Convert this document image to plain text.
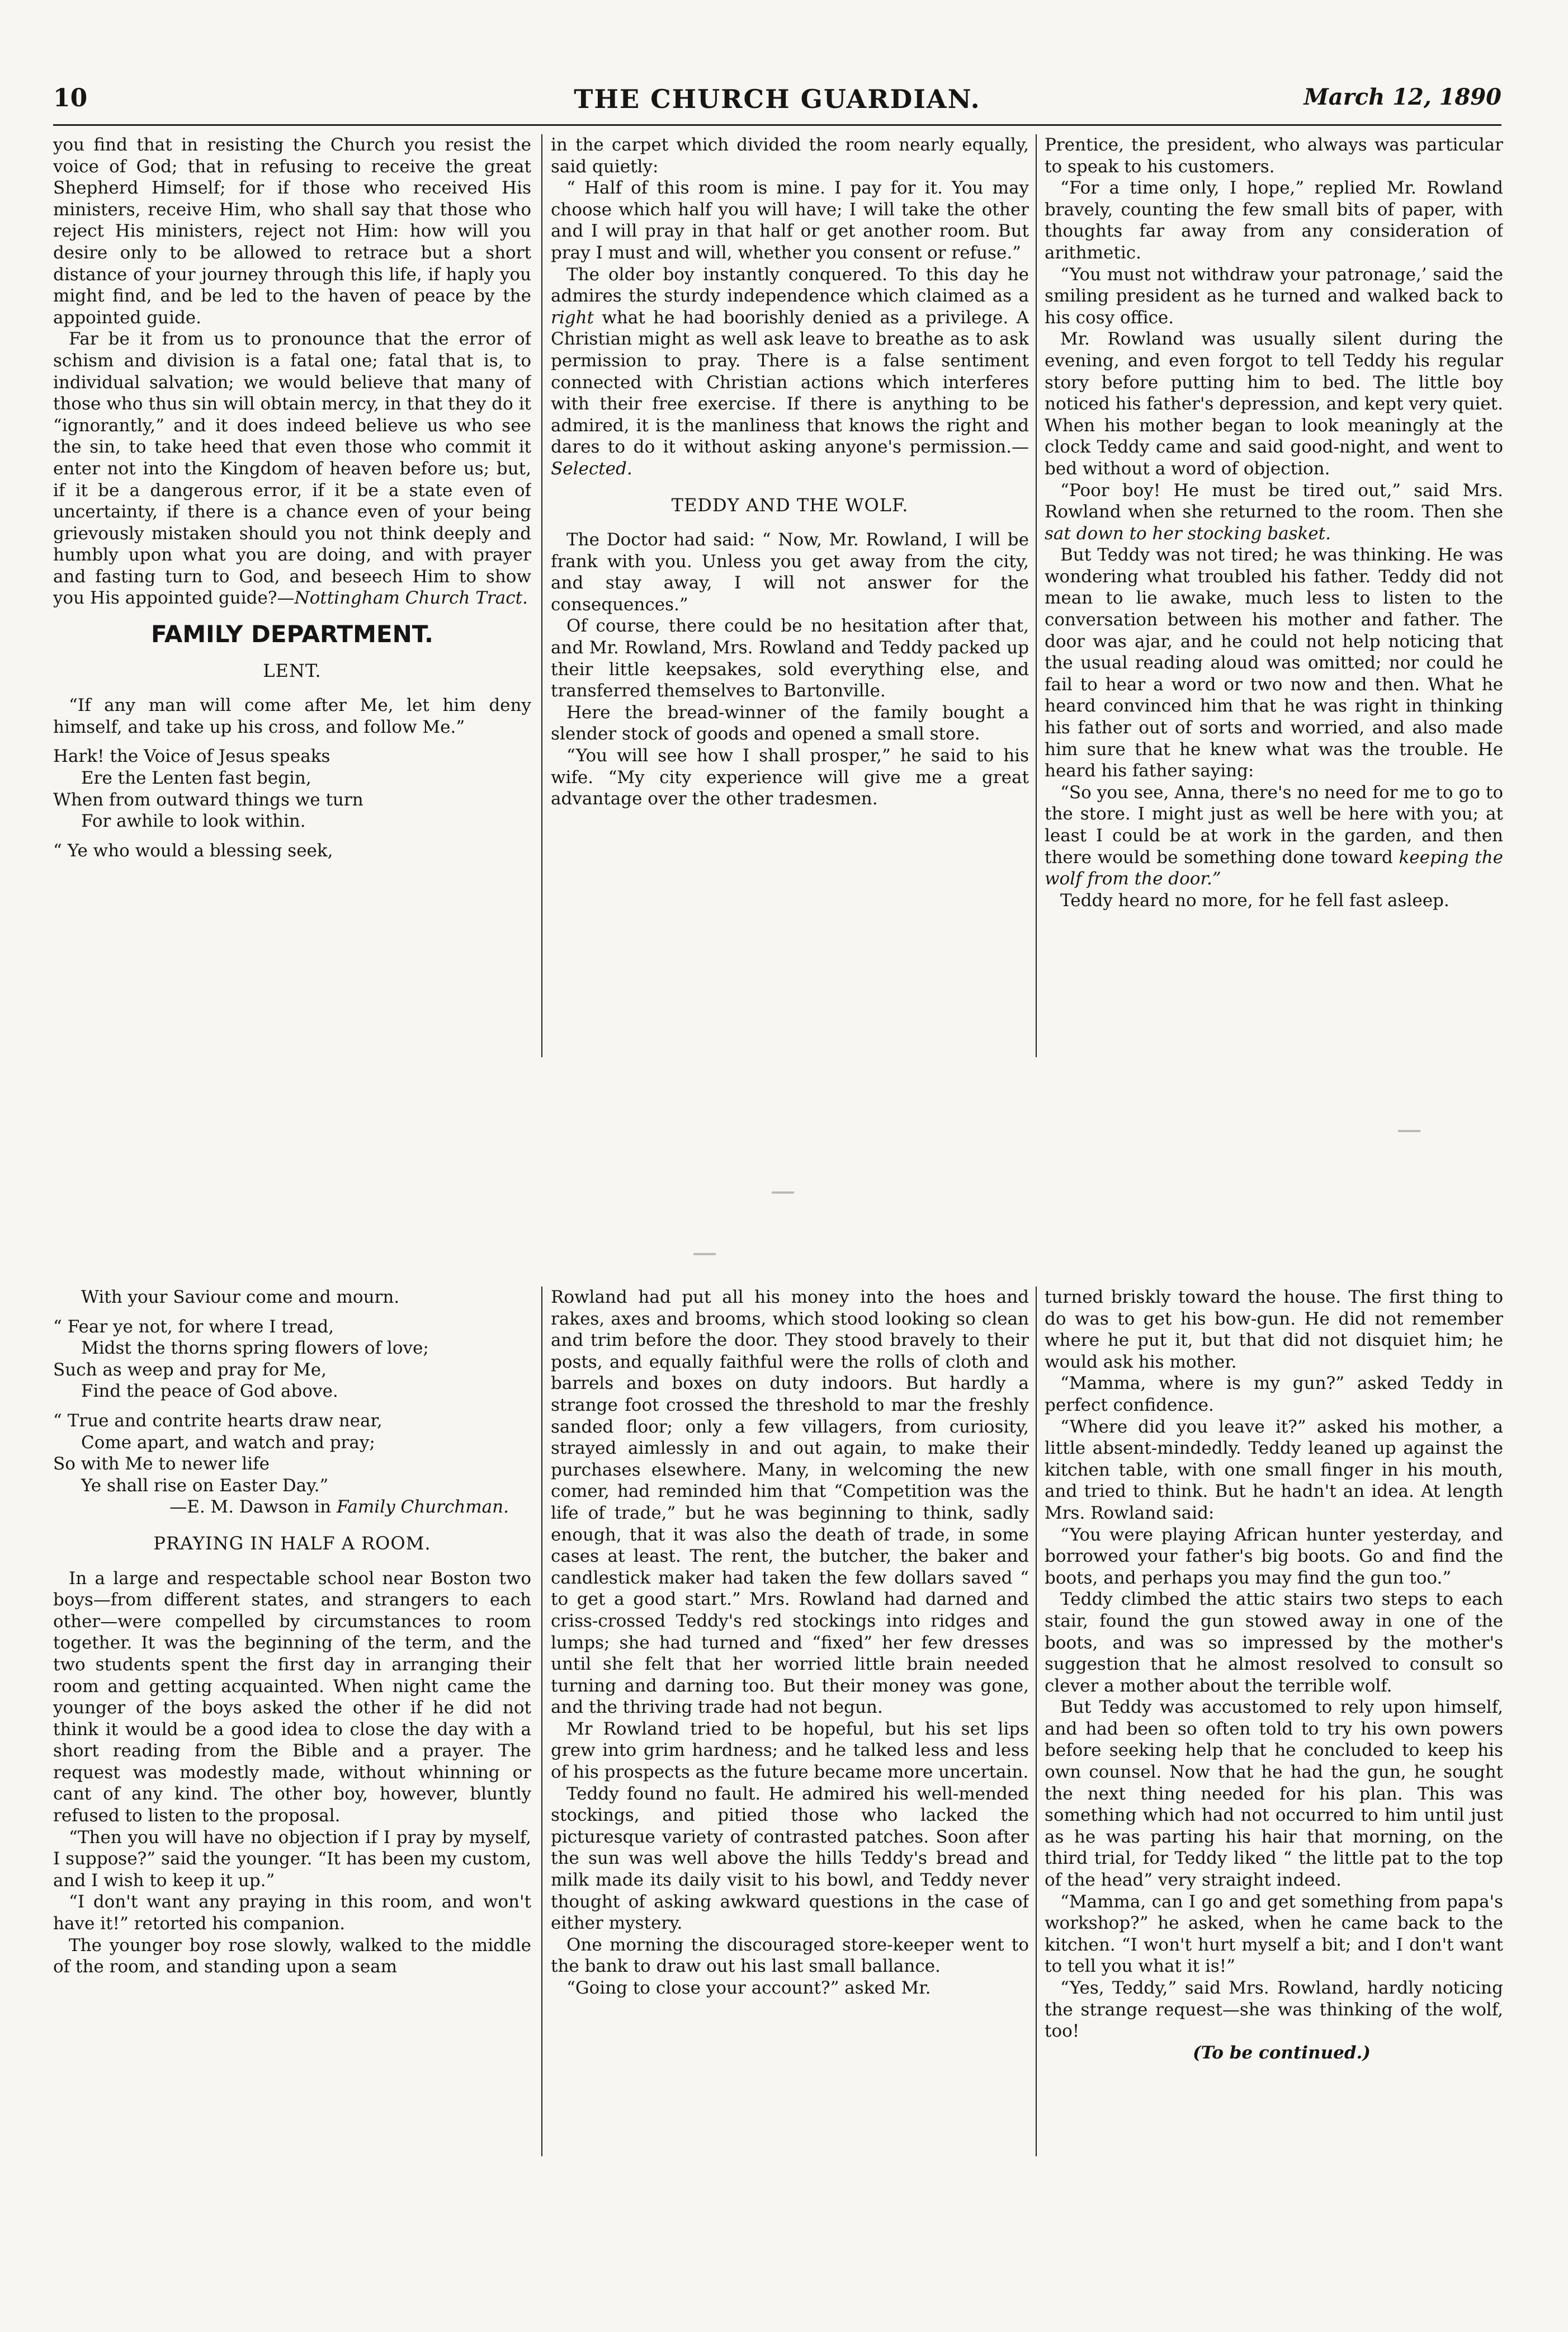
10	THE CHURCH GUARDIAN.	March 12, 1890

you find that in resisting the Church you resist the voice of God; that in refusing to receive the great Shepherd Himself; for if those who received His ministers, receive Him, who shall say that those who reject His ministers, reject not Him: how will you desire only to be allowed to retrace but a short distance of your journey through this life, if haply you might find, and be led to the haven of peace by the appointed guide.

Far be it from us to pronounce that the error of schism and division is a fatal one; fatal that is, to individual salvation; we would believe that many of those who thus sin will obtain mercy, in that they do it “ignorantly,” and it does indeed believe us who see the sin, to take heed that even those who commit it enter not into the Kingdom of heaven before us; but, if it be a dangerous error, if it be a state even of uncertainty, if there is a chance even of your being grievously mistaken should you not think deeply and humbly upon what you are doing, and with prayer and fasting turn to God, and beseech Him to show you His appointed guide?—Nottingham Church Tract.

FAMILY DEPARTMENT.
LENT.

“If any man will come after Me, let him deny himself, and take up his cross, and follow Me.”

Hark! the Voice of Jesus speaks
Ere the Lenten fast begin,
When from outward things we turn
For awhile to look within.
“ Ye who would a blessing seek,

in the carpet which divided the room nearly equally, said quietly:

“ Half of this room is mine. I pay for it. You may choose which half you will have; I will take the other and I will pray in that half or get another room. But pray I must and will, whether you consent or refuse.”

The older boy instantly conquered. To this day he admires the sturdy independence which claimed as a right what he had boorishly denied as a privilege. A Christian might as well ask leave to breathe as to ask permission to pray. There is a false sentiment connected with Christian actions which interferes with their free exercise. If there is anything to be admired, it is the manliness that knows the right and dares to do it without asking anyone's permission.—Selected.

TEDDY AND THE WOLF.

The Doctor had said: “ Now, Mr. Rowland, I will be frank with you. Unless you get away from the city, and stay away, I will not answer for the consequences.”

Of course, there could be no hesitation after that, and Mr. Rowland, Mrs. Rowland and Teddy packed up their little keepsakes, sold everything else, and transferred themselves to Bartonville.

Here the bread-winner of the family bought a slender stock of goods and opened a small store.

“You will see how I shall prosper,” he said to his wife. “My city experience will give me a great advantage over the other tradesmen.

Prentice, the president, who always was particular to speak to his customers.

“For a time only, I hope,” replied Mr. Rowland bravely, counting the few small bits of paper, with thoughts far away from any consideration of arithmetic.

“You must not withdraw your patronage,’ said the smiling president as he turned and walked back to his cosy office.

Mr. Rowland was usually silent during the evening, and even forgot to tell Teddy his regular story before putting him to bed. The little boy noticed his father's depression, and kept very quiet. When his mother began to look meaningly at the clock Teddy came and said good-night, and went to bed without a word of objection.

“Poor boy! He must be tired out,” said Mrs. Rowland when she returned to the room. Then she sat down to her stocking basket.

But Teddy was not tired; he was thinking. He was wondering what troubled his father. Teddy did not mean to lie awake, much less to listen to the conversation between his mother and father. The door was ajar, and he could not help noticing that the usual reading aloud was omitted; nor could he fail to hear a word or two now and then. What he heard convinced him that he was right in thinking his father out of sorts and worried, and also made him sure that he knew what was the trouble. He heard his father saying:

“So you see, Anna, there's no need for me to go to the store. I might just as well be here with you; at least I could be at work in the garden, and then there would be something done toward keeping the wolf from the door.”

Teddy heard no more, for he fell fast asleep.

With your Saviour come and mourn.
“ Fear ye not, for where I tread,
Midst the thorns spring flowers of love;
Such as weep and pray for Me,
Find the peace of God above.
“ True and contrite hearts draw near,
Come apart, and watch and pray;
So with Me to newer life
Ye shall rise on Easter Day.”

—E. M. Dawson in Family Churchman.

PRAYING IN HALF A ROOM.

In a large and respectable school near Boston two boys—from different states, and strangers to each other—were compelled by circumstances to room together. It was the beginning of the term, and the two students spent the first day in arranging their room and getting acquainted. When night came the younger of the boys asked the other if he did not think it would be a good idea to close the day with a short reading from the Bible and a prayer. The request was modestly made, without whinning or cant of any kind. The other boy, however, bluntly refused to listen to the proposal.

“Then you will have no objection if I pray by myself, I suppose?” said the younger. “It has been my custom, and I wish to keep it up.”

“I don't want any praying in this room, and won't have it!” retorted his companion.

The younger boy rose slowly, walked to the middle of the room, and standing upon a seam

Rowland had put all his money into the hoes and rakes, axes and brooms, which stood looking so clean and trim before the door. They stood bravely to their posts, and equally faithful were the rolls of cloth and barrels and boxes on duty indoors. But hardly a strange foot crossed the threshold to mar the freshly sanded floor; only a few villagers, from curiosity, strayed aimlessly in and out again, to make their purchases elsewhere. Many, in welcoming the new comer, had reminded him that “Competition was the life of trade,” but he was beginning to think, sadly enough, that it was also the death of trade, in some cases at least. The rent, the butcher, the baker and candlestick maker had taken the few dollars saved “ to get a good start.” Mrs. Rowland had darned and criss-crossed Teddy's red stockings into ridges and lumps; she had turned and “fixed” her few dresses until she felt that her worried little brain needed turning and darning too. But their money was gone, and the thriving trade had not begun.

Mr Rowland tried to be hopeful, but his set lips grew into grim hardness; and he talked less and less of his prospects as the future became more uncertain.

Teddy found no fault. He admired his well-mended stockings, and pitied those who lacked the picturesque variety of contrasted patches. Soon after the sun was well above the hills Teddy's bread and milk made its daily visit to his bowl, and Teddy never thought of asking awkward questions in the case of either mystery.

One morning the discouraged store-keeper went to the bank to draw out his last small ballance.

“Going to close your account?” asked Mr.

turned briskly toward the house. The first thing to do was to get his bow-gun. He did not remember where he put it, but that did not disquiet him; he would ask his mother.

“Mamma, where is my gun?” asked Teddy in perfect confidence.

“Where did you leave it?” asked his mother, a little absent-mindedly. Teddy leaned up against the kitchen table, with one small finger in his mouth, and tried to think. But he hadn't an idea. At length Mrs. Rowland said:

“You were playing African hunter yesterday, and borrowed your father's big boots. Go and find the boots, and perhaps you may find the gun too.”

Teddy climbed the attic stairs two steps to each stair, found the gun stowed away in one of the boots, and was so impressed by the mother's suggestion that he almost resolved to consult so clever a mother about the terrible wolf.

But Teddy was accustomed to rely upon himself, and had been so often told to try his own powers before seeking help that he concluded to keep his own counsel. Now that he had the gun, he sought the next thing needed for his plan. This was something which had not occurred to him until just as he was parting his hair that morning, on the third trial, for Teddy liked “ the little pat to the top of the head” very straight indeed.

“Mamma, can I go and get something from papa's workshop?” he asked, when he came back to the kitchen. “I won't hurt myself a bit; and I don't want to tell you what it is!”

“Yes, Teddy,” said Mrs. Rowland, hardly noticing the strange request—she was thinking of the wolf, too!

(To be continued.)
